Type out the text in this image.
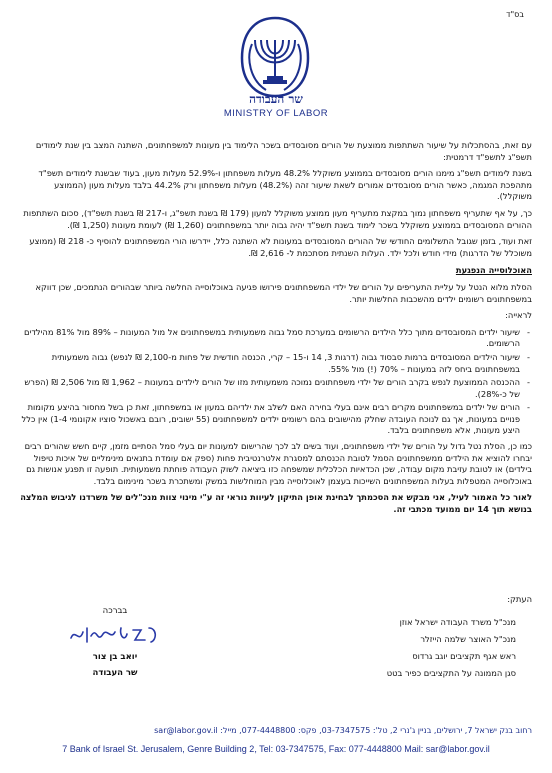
בס"ד
שר העבודה
MINISTRY OF LABOR

עם זאת, בהסתכלות על שיעור השתתפות ממוצעת של הורים מסובסדים בשכר הלימוד בין מעונות למשפחתונים, השתנה המצב בין שנת לימודים תשפ"ג לתשפ"ד דרמטית:

בשנת לימודים תשפ"ג מימנו הורים מסובסדים בממוצע משוקלל 48.2% מעלות משפחתון ו-52.9% מעלות מעון, בעוד שבשנת לימודים תשפ"ד מתהפכת המגמה, כאשר הורים מסובסדים אמורים לשאת שיעור זהה (48.2%) מעלות משפחתון ורק 44.2% בלבד מעלות מעון (הממוצע משוקלל).

כך, על אף שתעריף משפחתון נמוך במקצת מתעריף מעון ממוצע משוקלל למעון (179 ₪ בשנת תשפ"ג, ו-217 ₪ בשנת תשפ"ד), סכום השתתפות ההורים המסובסדים בממוצע משוקלל בשכר לימוד בשנת תשפ"ד יהיה גבוה יותר במשפחתונים (1,260 ₪) לעומת מעונות (1,250 ₪).

זאת ועוד, בזמן שגובל התשלומים החודשי של ההורים המסובסדים במעונות לא השתנה כלל, יידרשו הורי המשפחתונים להוסיף כ- 218 ₪ (ממוצע משוכלל של הדרגות) מידי חודש ולכל ילד. העלות השנתית מסתכמת ל- 2,616 ₪.

האוכלוסייה הנפגעת

הסלת מלוא הנטל על עליית התעריפים על הורים של ילדי המשפחתונים פירושו פגיעה באוכלוסייה החלשה ביותר שבהורים הנתמכים, שכן דווקא במשפחתונים רשומים ילדים מהשכבות החלשות יותר.

לראייה:

- שיעור ילדים המסובסדים מתוך כלל הילדים הרשומים במערכת סמל גבוה משמעותית במשפחתונים אל מול המעונות – 89% מול 81% מהילדים הרשומים.
- שיעור הילדים המסובסדים ברמות סבסוד גבוה (דרגות 3, 14 ו-15 – קרי, הכנסה חודשית של פחות מ-2,100 ₪ לנפש) גבוה משמעותית במשפחתונים ביחס לזה במעונות – 70% (!) מול 55%.
- ההכנסה הממוצעת לנפש בקרב הורים של ילדי משפחתונים נמוכה משמעותית מזו של הורים לילדים במעונות – 1,962 ₪ מול 2,506 ₪ (הפרש של כ-28%).
- הורים של ילדים במשפחתונים מקרים רבים אינם בעלי בחירה האם לשלב את ילדיהם במעון או במשפחתון, זאת כן בשל מחסור בהיצע מקומות פנויים במעונות, אך גם לנוכח העובדה שחלק מהישובים בהם רשומים ילדים למשפחתונים (55 ישובים, רובם באשכול סוציו אקונומי 1-4) אין כלל היצע מעונות, אלא משפחתונים בלבד.

כמו כן, הסלת נטל גדול על הורים של ילדי משפחתונים, ועוד בשים לב לכך שהרישום למעונות יום בעלי סמל הסתיים מזמן, קיים חשש שהורים רבים יבחרו להוציא את הילדים ממשפחתונים הסמל לטובת הכנסתם למסגרת אלטרנטיבית פחות (ספק אם עומדת בתנאים מינימליים של איכות טיפול בילדים) או לטובת עזיבת מקום עבודה, שכן הכדאיות הכלכלית שמשפחה כזו ביציאה לשוק העבודה פוחתת משמעותית. תופעה זו תפגע אנושות גם באוכלוסייה המטפלות בעלות המשפחתונים השייכות בעצמן לאוכלוסייה מבין המוחלשות במשק ומשתכרת בשכר מינימום בלבד.

לאור כל האמור לעיל, אני מבקש את הסכמתך לבחינת אופן התיקון לעיוות נוראי זה ע"י מינוי צוות מנכ"לים של משרדנו לגיבוש המלצה בנושא תוך 14 יום ממועד מכתבי זה.

העתק:
מנכ"ל משרד העבודה ישראל אוזן
מנכ"ל האוצר שלמה הייזלר
ראש אגף תקציבים יוגב גרדוס
סגן הממונה על התקציבים כפיר בטט
בברכה
יואב בן צור
שר העבודה
רחוב בנק ישראל 7, ירושלים, בניין ג'נרי 2, טל': 03-7347575, פקס: 077-4448800, מייל: sar@labor.gov.il
7 Bank of Israel St. Jerusalem, Genre Building 2, Tel: 03-7347575, Fax: 077-4448800 Mail: sar@labor.gov.il
